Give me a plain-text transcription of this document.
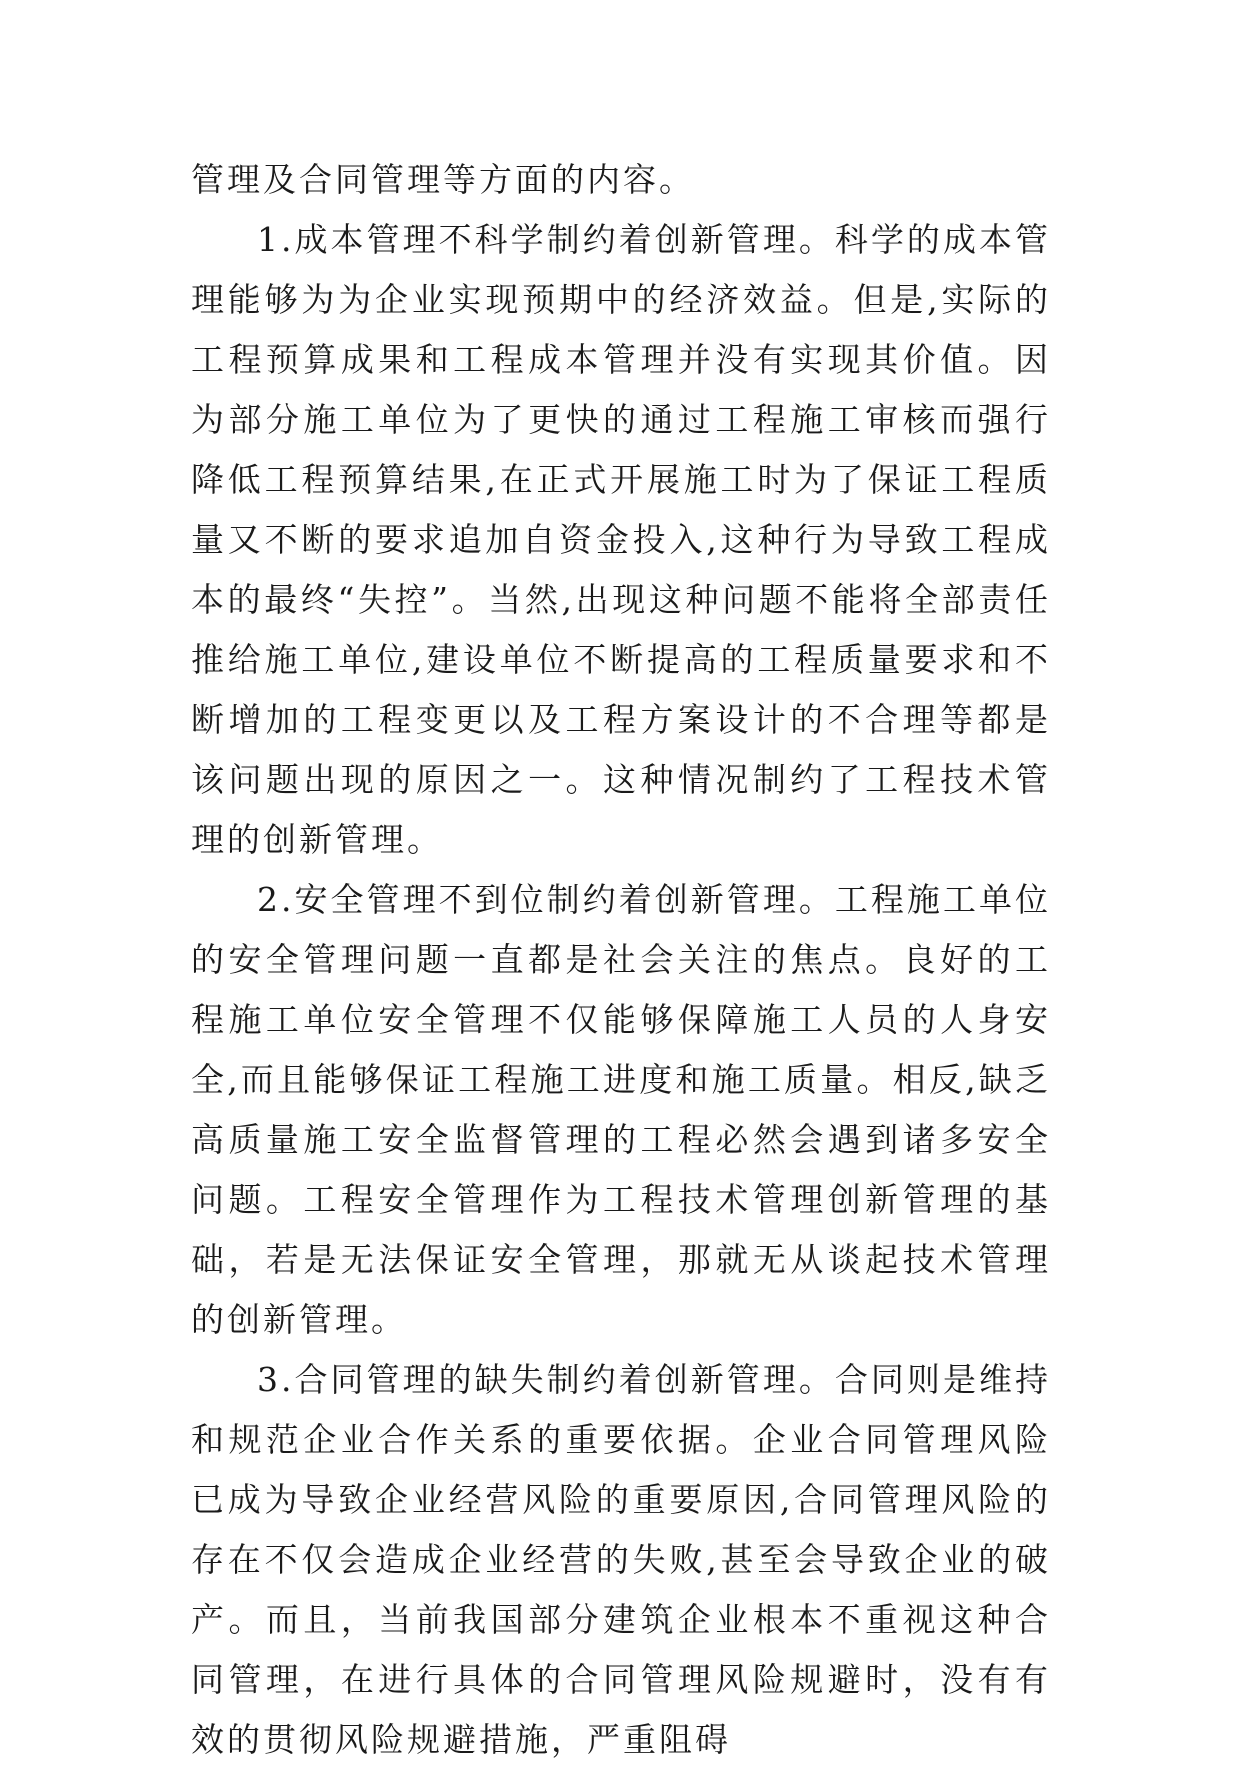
管理及合同管理等方面的内容。

1.成本管理不科学制约着创新管理。科学的成本管理能够为为企业实现预期中的经济效益。但是,实际的工程预算成果和工程成本管理并没有实现其价值。因为部分施工单位为了更快的通过工程施工审核而强行降低工程预算结果,在正式开展施工时为了保证工程质量又不断的要求追加自资金投入,这种行为导致工程成本的最终“失控”。当然,出现这种问题不能将全部责任推给施工单位,建设单位不断提高的工程质量要求和不断增加的工程变更以及工程方案设计的不合理等都是该问题出现的原因之一。这种情况制约了工程技术管理的创新管理。

2.安全管理不到位制约着创新管理。工程施工单位的安全管理问题一直都是社会关注的焦点。良好的工程施工单位安全管理不仅能够保障施工人员的人身安全,而且能够保证工程施工进度和施工质量。相反,缺乏高质量施工安全监督管理的工程必然会遇到诸多安全问题。工程安全管理作为工程技术管理创新管理的基础，若是无法保证安全管理，那就无从谈起技术管理的创新管理。

3.合同管理的缺失制约着创新管理。合同则是维持和规范企业合作关系的重要依据。企业合同管理风险已成为导致企业经营风险的重要原因,合同管理风险的存在不仅会造成企业经营的失败,甚至会导致企业的破产。而且，当前我国部分建筑企业根本不重视这种合同管理，在进行具体的合同管理风险规避时，没有有效的贯彻风险规避措施，严重阻碍
